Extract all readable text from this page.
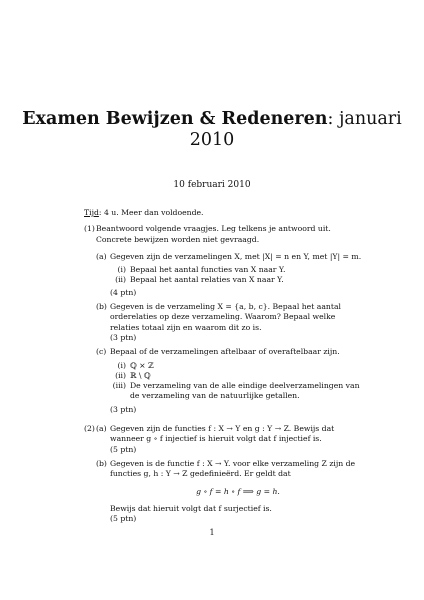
Examen Bewijzen & Redeneren: januari
2010
10 februari 2010

Tijd: 4 u. Meer dan voldoende.

(1) Beantwoord volgende vraagjes. Leg telkens je antwoord uit. Concrete bewijzen worden niet gevraagd.

(a) Gegeven zijn de verzamelingen X, met |X| = n en Y, met |Y| = m.

(i) Bepaal het aantal functies van X naar Y.
(ii) Bepaal het aantal relaties van X naar Y.

(4 ptn)

(b) Gegeven is de verzameling X = {a, b, c}. Bepaal het aantal orderelaties op deze verzameling. Waarom? Bepaal welke relaties totaal zijn en waarom dit zo is.

(3 ptn)

(c) Bepaal of de verzamelingen aftelbaar of overaftelbaar zijn.

(i) ℚ × ℤ
(ii) ℝ \ ℚ
(iii) De verzameling van de alle eindige deelverzamelingen van de verzameling van de natuurlijke getallen.

(3 ptn)

(2) (a) Gegeven zijn de functies f : X → Y en g : Y → Z. Bewijs dat wanneer g ∘ f injectief is hieruit volgt dat f injectief is.

(5 ptn)

(b) Gegeven is de functie f : X → Y. voor elke verzameling Z zijn de functies g, h : Y → Z gedefinieërd. Er geldt dat

g ∘ f = h ∘ f ⟹ g = h.

Bewijs dat hieruit volgt dat f surjectief is.

(5 ptn)

1
